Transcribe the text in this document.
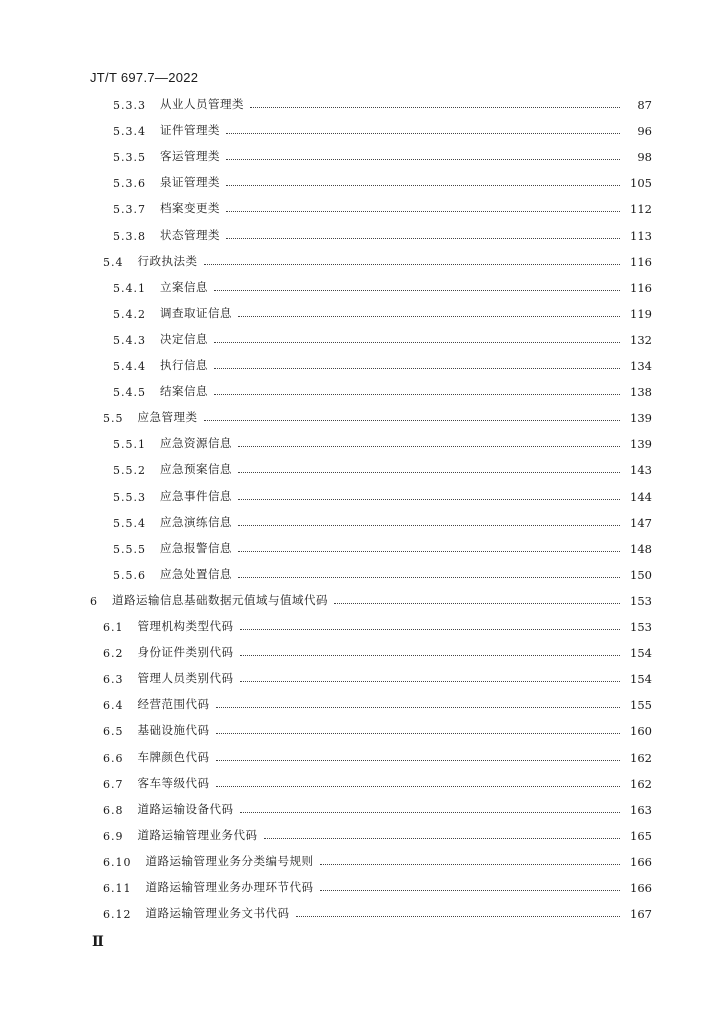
JT/T 697.7—2022
5.3.3 从业人员管理类	87
5.3.4 证件管理类	96
5.3.5 客运管理类	98
5.3.6 泉证管理类	105
5.3.7 档案变更类	112
5.3.8 状态管理类	113
5.4 行政执法类	116
5.4.1 立案信息	116
5.4.2 调查取证信息	119
5.4.3 决定信息	132
5.4.4 执行信息	134
5.4.5 结案信息	138
5.5 应急管理类	139
5.5.1 应急资源信息	139
5.5.2 应急预案信息	143
5.5.3 应急事件信息	144
5.5.4 应急演练信息	147
5.5.5 应急报警信息	148
5.5.6 应急处置信息	150
6 道路运输信息基础数据元值域与值域代码	153
6.1 管理机构类型代码	153
6.2 身份证件类别代码	154
6.3 管理人员类别代码	154
6.4 经营范围代码	155
6.5 基础设施代码	160
6.6 车牌颜色代码	162
6.7 客车等级代码	162
6.8 道路运输设备代码	163
6.9 道路运输管理业务代码	165
6.10 道路运输管理业务分类编号规则	166
6.11 道路运输管理业务办理环节代码	166
6.12 道路运输管理业务文书代码	167
Ⅱ
